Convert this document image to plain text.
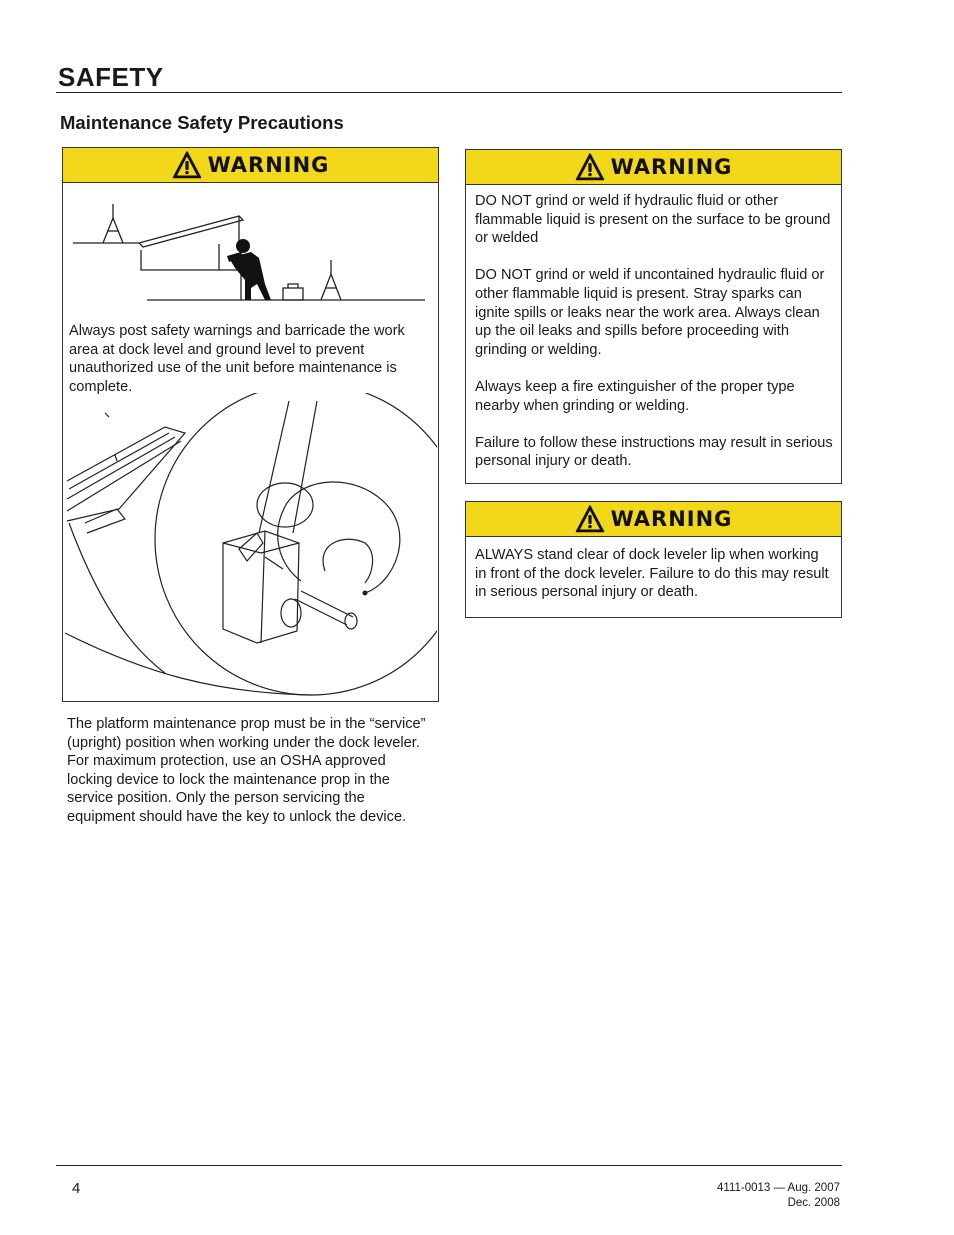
SAFETY
Maintenance Safety Precautions
WARNING
Always post safety warnings and barricade the work area at dock level and ground level to prevent unauthorized use of the unit before maintenance is complete.
WARNING

DO NOT grind or weld if hydraulic fluid or other flammable liquid is present on the surface to be ground or welded

DO NOT grind or weld if uncontained hydraulic fluid or other flammable liquid is present. Stray sparks can ignite spills or leaks near the work area. Always clean up the oil leaks and spills before proceeding with grinding or welding.

Always keep a fire extinguisher of the proper type nearby when grinding or welding.

Failure to follow these instructions may result in serious personal injury or death.

WARNING
ALWAYS stand clear of dock leveler lip when working in front of the dock leveler. Failure to do this may result in serious personal injury or death.
The platform maintenance prop must be in the “service” (upright) position when working under the dock leveler. For maximum protection, use an OSHA approved locking device to lock the maintenance prop in the service position. Only the person servicing the equipment should have the key to unlock the device.
4	4111-0013 — Aug. 2007
Dec. 2008
